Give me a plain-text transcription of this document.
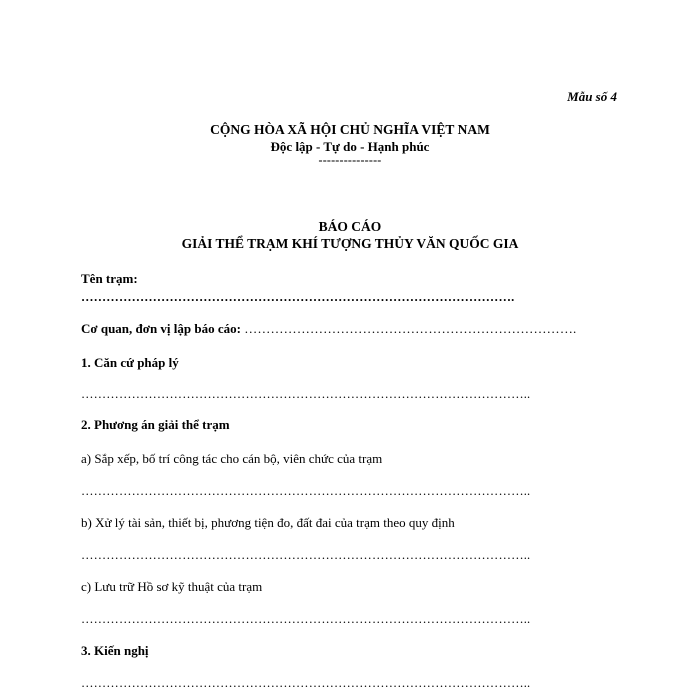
Mẫu số 4
CỘNG HÒA XÃ HỘI CHỦ NGHĨA VIỆT NAM
Độc lập - Tự do - Hạnh phúc
---------------
BÁO CÁO
GIẢI THỂ TRẠM KHÍ TƯỢNG THỦY VĂN QUỐC GIA
Tên trạm:
………………………………………………………………………………………….
Cơ quan, đơn vị lập báo cáo: ………………………………………………………………….
1. Căn cứ pháp lý
……………………………………………………………………………………………..
2. Phương án giải thể trạm
a) Sắp xếp, bố trí công tác cho cán bộ, viên chức của trạm
……………………………………………………………………………………………..
b) Xử lý tài sản, thiết bị, phương tiện đo, đất đai của trạm theo quy định
……………………………………………………………………………………………..
c) Lưu trữ Hồ sơ kỹ thuật của trạm
……………………………………………………………………………………………..
3. Kiến nghị
……………………………………………………………………………………………..
